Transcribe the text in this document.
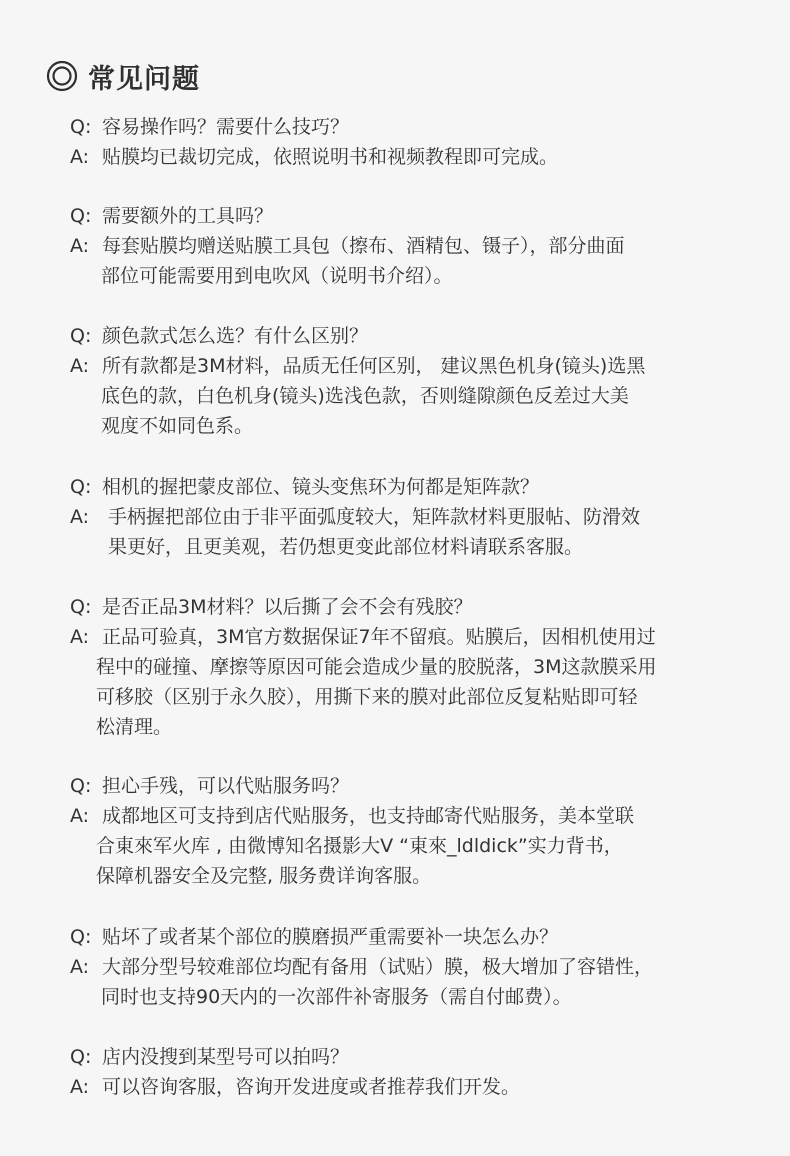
常见问题
Q: 容易操作吗？需要什么技巧？
A: 贴膜均已裁切完成，依照说明书和视频教程即可完成。
Q: 需要额外的工具吗？
A: 每套贴膜均赠送贴膜工具包（擦布、酒精包、镊子），部分曲面
部位可能需要用到电吹风（说明书介绍）。
Q: 颜色款式怎么选？有什么区别？
A: 所有款都是3M材料，品质无任何区别， 建议黑色机身(镜头)选黑
底色的款，白色机身(镜头)选浅色款，否则缝隙颜色反差过大美
观度不如同色系。
Q: 相机的握把蒙皮部位、镜头变焦环为何都是矩阵款？
A: 手柄握把部位由于非平面弧度较大，矩阵款材料更服帖、防滑效
果更好，且更美观，若仍想更变此部位材料请联系客服。
Q: 是否正品3M材料？以后撕了会不会有残胶？
A: 正品可验真，3M官方数据保证7年不留痕。贴膜后，因相机使用过
程中的碰撞、摩擦等原因可能会造成少量的胶脱落，3M这款膜采用
可移胶（区别于永久胶），用撕下来的膜对此部位反复粘贴即可轻
松清理。
Q: 担心手残，可以代贴服务吗？
A: 成都地区可支持到店代贴服务，也支持邮寄代贴服务，美本堂联
合東來军火库 , 由微博知名摄影大V “東來_ldldick”实力背书，
保障机器安全及完整, 服务费详询客服。
Q: 贴坏了或者某个部位的膜磨损严重需要补一块怎么办？
A: 大部分型号较难部位均配有备用（试贴）膜，极大增加了容错性，
同时也支持90天内的一次部件补寄服务（需自付邮费）。
Q: 店内没搜到某型号可以拍吗？
A: 可以咨询客服，咨询开发进度或者推荐我们开发。
